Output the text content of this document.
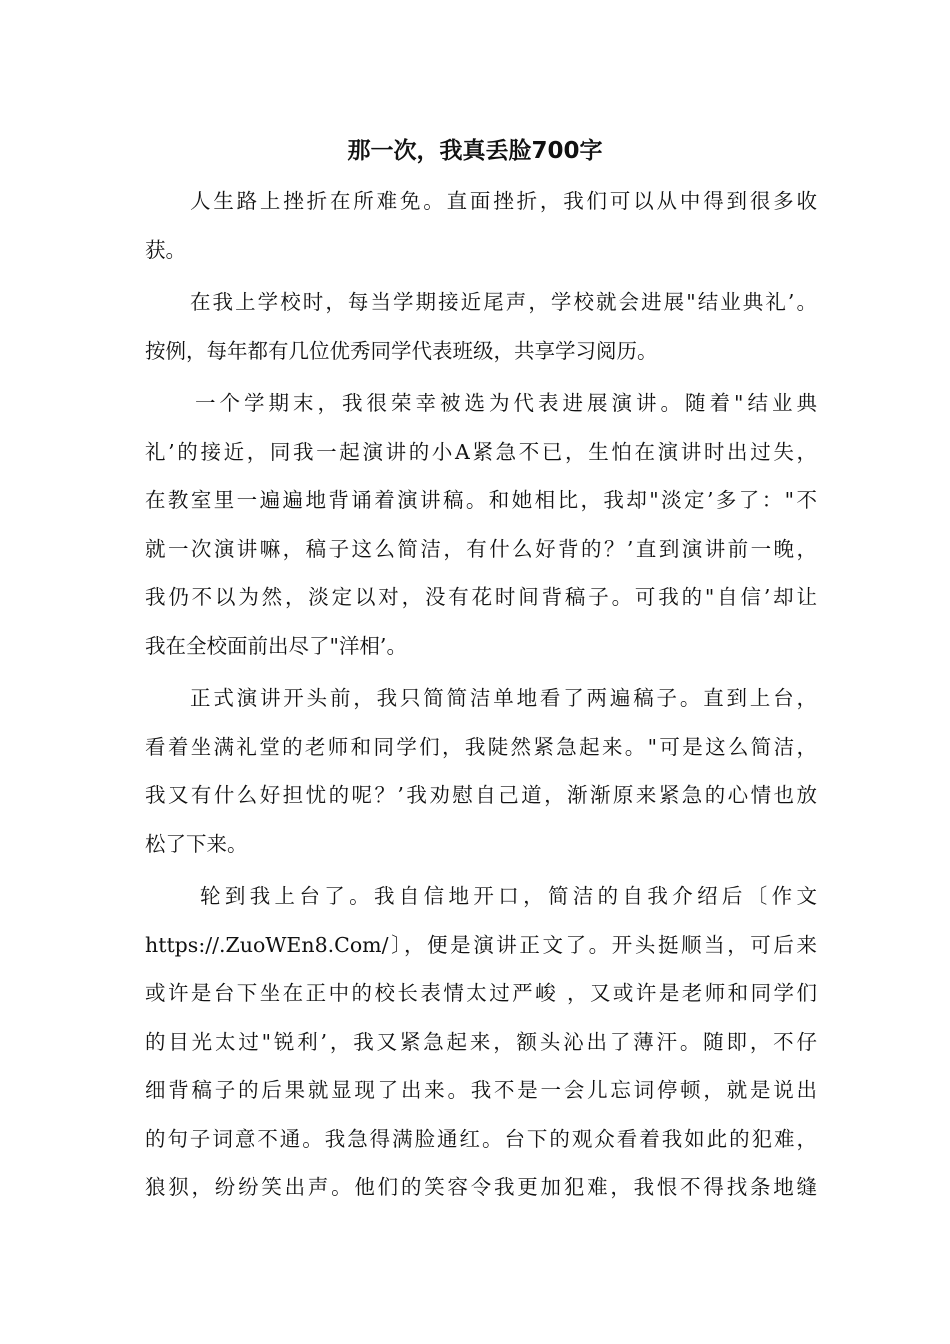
那一次，我真丢脸700字
人生路上挫折在所难免。直面挫折，我们可以从中得到很多收
获。
在我上学校时，每当学期接近尾声，学校就会进展"结业典礼’。
按例，每年都有几位优秀同学代表班级，共享学习阅历。
一个学期末，我很荣幸被选为代表进展演讲。随着"结业典
礼’的接近，同我一起演讲的小A紧急不已，生怕在演讲时出过失，
在教室里一遍遍地背诵着演讲稿。和她相比，我却"淡定’多了："不
就一次演讲嘛，稿子这么简洁，有什么好背的？’直到演讲前一晚，
我仍不以为然，淡定以对，没有花时间背稿子。可我的"自信’却让
我在全校面前出尽了"洋相’。
正式演讲开头前，我只简简洁单地看了两遍稿子。直到上台，
看着坐满礼堂的老师和同学们，我陡然紧急起来。"可是这么简洁，
我又有什么好担忧的呢？’我劝慰自己道，渐渐原来紧急的心情也放
松了下来。
轮到我上台了。我自信地开口，简洁的自我介绍后〔作文
https://.ZuoWEn8.Com/〕，便是演讲正文了。开头挺顺当，可后来
或许是台下坐在正中的校长表情太过严峻 ，又或许是老师和同学们
的目光太过"锐利’，我又紧急起来，额头沁出了薄汗。随即，不仔
细背稿子的后果就显现了出来。我不是一会儿忘词停顿，就是说出
的句子词意不通。我急得满脸通红。台下的观众看着我如此的犯难，
狼狈，纷纷笑出声。他们的笑容令我更加犯难，我恨不得找条地缝
